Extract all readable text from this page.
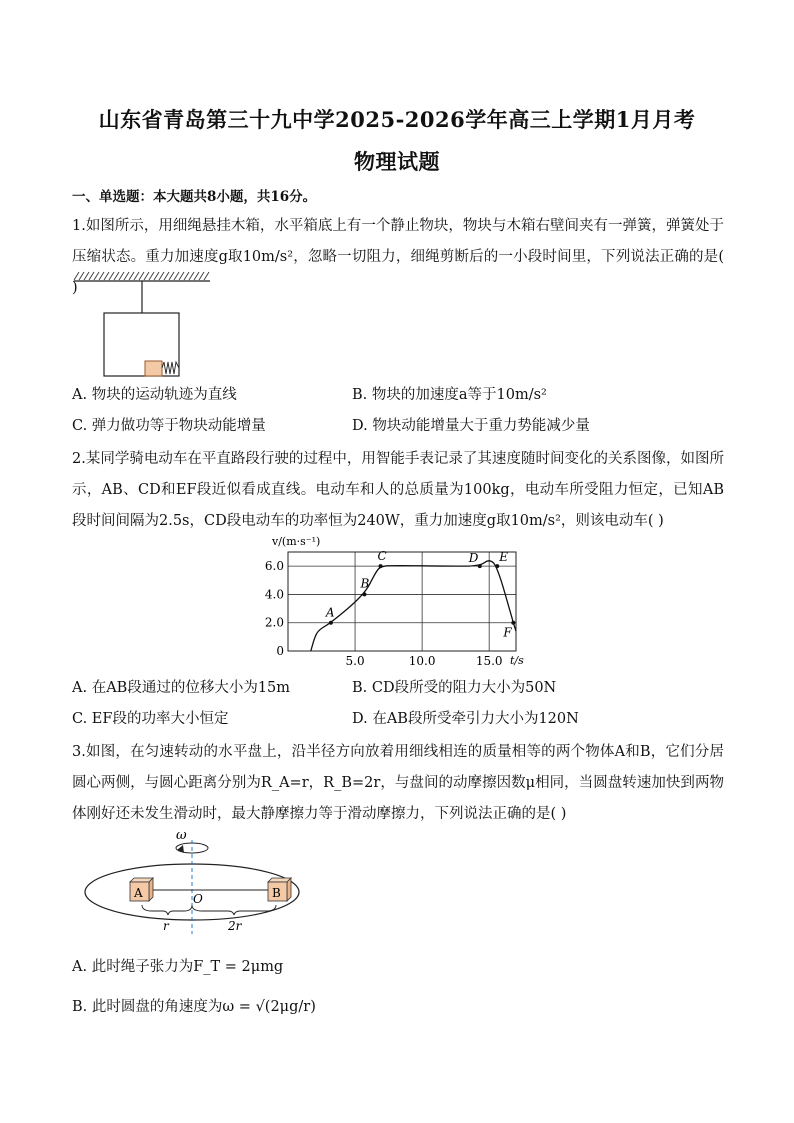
山东省青岛第三十九中学2025-2026学年高三上学期1月月考
物理试题
一、单选题：本大题共8小题，共16分。
1.如图所示，用细绳悬挂木箱，水平箱底上有一个静止物块，物块与木箱右壁间夹有一弹簧，弹簧处于压缩状态。重力加速度g取10m/s²，忽略一切阻力，细绳剪断后的一小段时间里，下列说法正确的是( )
A. 物块的运动轨迹为直线	B. 物块的加速度a等于10m/s²
C. 弹力做功等于物块动能增量	D. 物块动能增量大于重力势能减少量
2.某同学骑电动车在平直路段行驶的过程中，用智能手表记录了其速度随时间变化的关系图像，如图所示，AB、CD和EF段近似看成直线。电动车和人的总质量为100kg，电动车所受阻力恒定，已知AB段时间间隔为2.5s，CD段电动车的功率恒为240W，重力加速度g取10m/s²，则该电动车( )
A
B
C	D E
F
0
2.0
4.0
6.0
5.0	10.0	15.0
v/(m·s⁻¹)
t/s
A. 在AB段通过的位移大小为15m	B. CD段所受的阻力大小为50N
C. EF段的功率大小恒定	D. 在AB段所受牵引力大小为120N
3.如图，在匀速转动的水平盘上，沿半径方向放着用细线相连的质量相等的两个物体A和B，它们分居圆心两侧，与圆心距离分别为R_A=r，R_B=2r，与盘间的动摩擦因数μ相同，当圆盘转速加快到两物体刚好还未发生滑动时，最大静摩擦力等于滑动摩擦力，下列说法正确的是( )
ω
A	B
O
r	2r
A. 此时绳子张力为F_T = 2μmg
B. 此时圆盘的角速度为ω = √(2μg/r)
